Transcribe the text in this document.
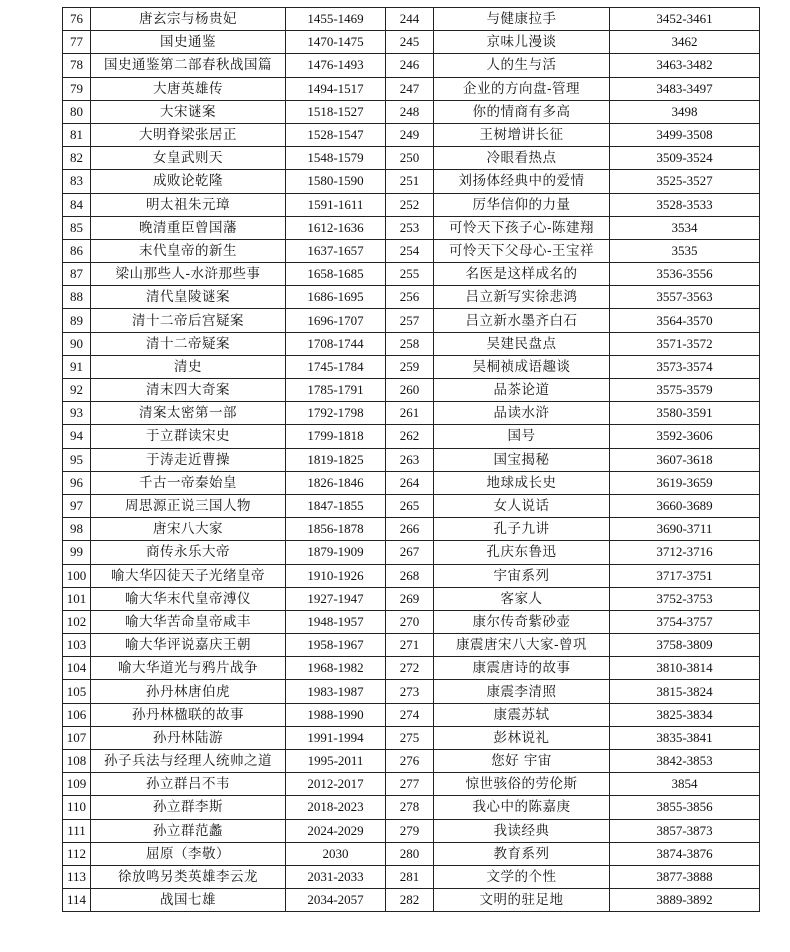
76	唐玄宗与杨贵妃	1455-1469	244	与健康拉手	3452-3461
77	国史通鉴	1470-1475	245	京味儿漫谈	3462
78	国史通鉴第二部春秋战国篇	1476-1493	246	人的生与活	3463-3482
79	大唐英雄传	1494-1517	247	企业的方向盘-管理	3483-3497
80	大宋谜案	1518-1527	248	你的情商有多高	3498
81	大明脊梁张居正	1528-1547	249	王树增讲长征	3499-3508
82	女皇武则天	1548-1579	250	冷眼看热点	3509-3524
83	成败论乾隆	1580-1590	251	刘扬体经典中的爱情	3525-3527
84	明太祖朱元璋	1591-1611	252	厉华信仰的力量	3528-3533
85	晚清重臣曾国藩	1612-1636	253	可怜天下孩子心-陈建翔	3534
86	末代皇帝的新生	1637-1657	254	可怜天下父母心-王宝祥	3535
87	梁山那些人-水浒那些事	1658-1685	255	名医是这样成名的	3536-3556
88	清代皇陵谜案	1686-1695	256	吕立新写实徐悲鸿	3557-3563
89	清十二帝后宫疑案	1696-1707	257	吕立新水墨齐白石	3564-3570
90	清十二帝疑案	1708-1744	258	吴建民盘点	3571-3572
91	清史	1745-1784	259	吴桐祯成语趣谈	3573-3574
92	清末四大奇案	1785-1791	260	品茶论道	3575-3579
93	清案太密第一部	1792-1798	261	品读水浒	3580-3591
94	于立群读宋史	1799-1818	262	国号	3592-3606
95	于涛走近曹操	1819-1825	263	国宝揭秘	3607-3618
96	千古一帝秦始皇	1826-1846	264	地球成长史	3619-3659
97	周思源正说三国人物	1847-1855	265	女人说话	3660-3689
98	唐宋八大家	1856-1878	266	孔子九讲	3690-3711
99	商传永乐大帝	1879-1909	267	孔庆东鲁迅	3712-3716
100	喻大华囚徒天子光绪皇帝	1910-1926	268	宇宙系列	3717-3751
101	喻大华末代皇帝溥仪	1927-1947	269	客家人	3752-3753
102	喻大华苦命皇帝咸丰	1948-1957	270	康尔传奇紫砂壶	3754-3757
103	喻大华评说嘉庆王朝	1958-1967	271	康震唐宋八大家-曾巩	3758-3809
104	喻大华道光与鸦片战争	1968-1982	272	康震唐诗的故事	3810-3814
105	孙丹林唐伯虎	1983-1987	273	康震李清照	3815-3824
106	孙丹林楹联的故事	1988-1990	274	康震苏轼	3825-3834
107	孙丹林陆游	1991-1994	275	彭林说礼	3835-3841
108	孙子兵法与经理人统帅之道	1995-2011	276	您好 宇宙	3842-3853
109	孙立群吕不韦	2012-2017	277	惊世骇俗的劳伦斯	3854
110	孙立群李斯	2018-2023	278	我心中的陈嘉庚	3855-3856
111	孙立群范蠡	2024-2029	279	我读经典	3857-3873
112	屈原（李敬）	2030	280	教育系列	3874-3876
113	徐放鸣另类英雄李云龙	2031-2033	281	文学的个性	3877-3888
114	战国七雄	2034-2057	282	文明的驻足地	3889-3892
